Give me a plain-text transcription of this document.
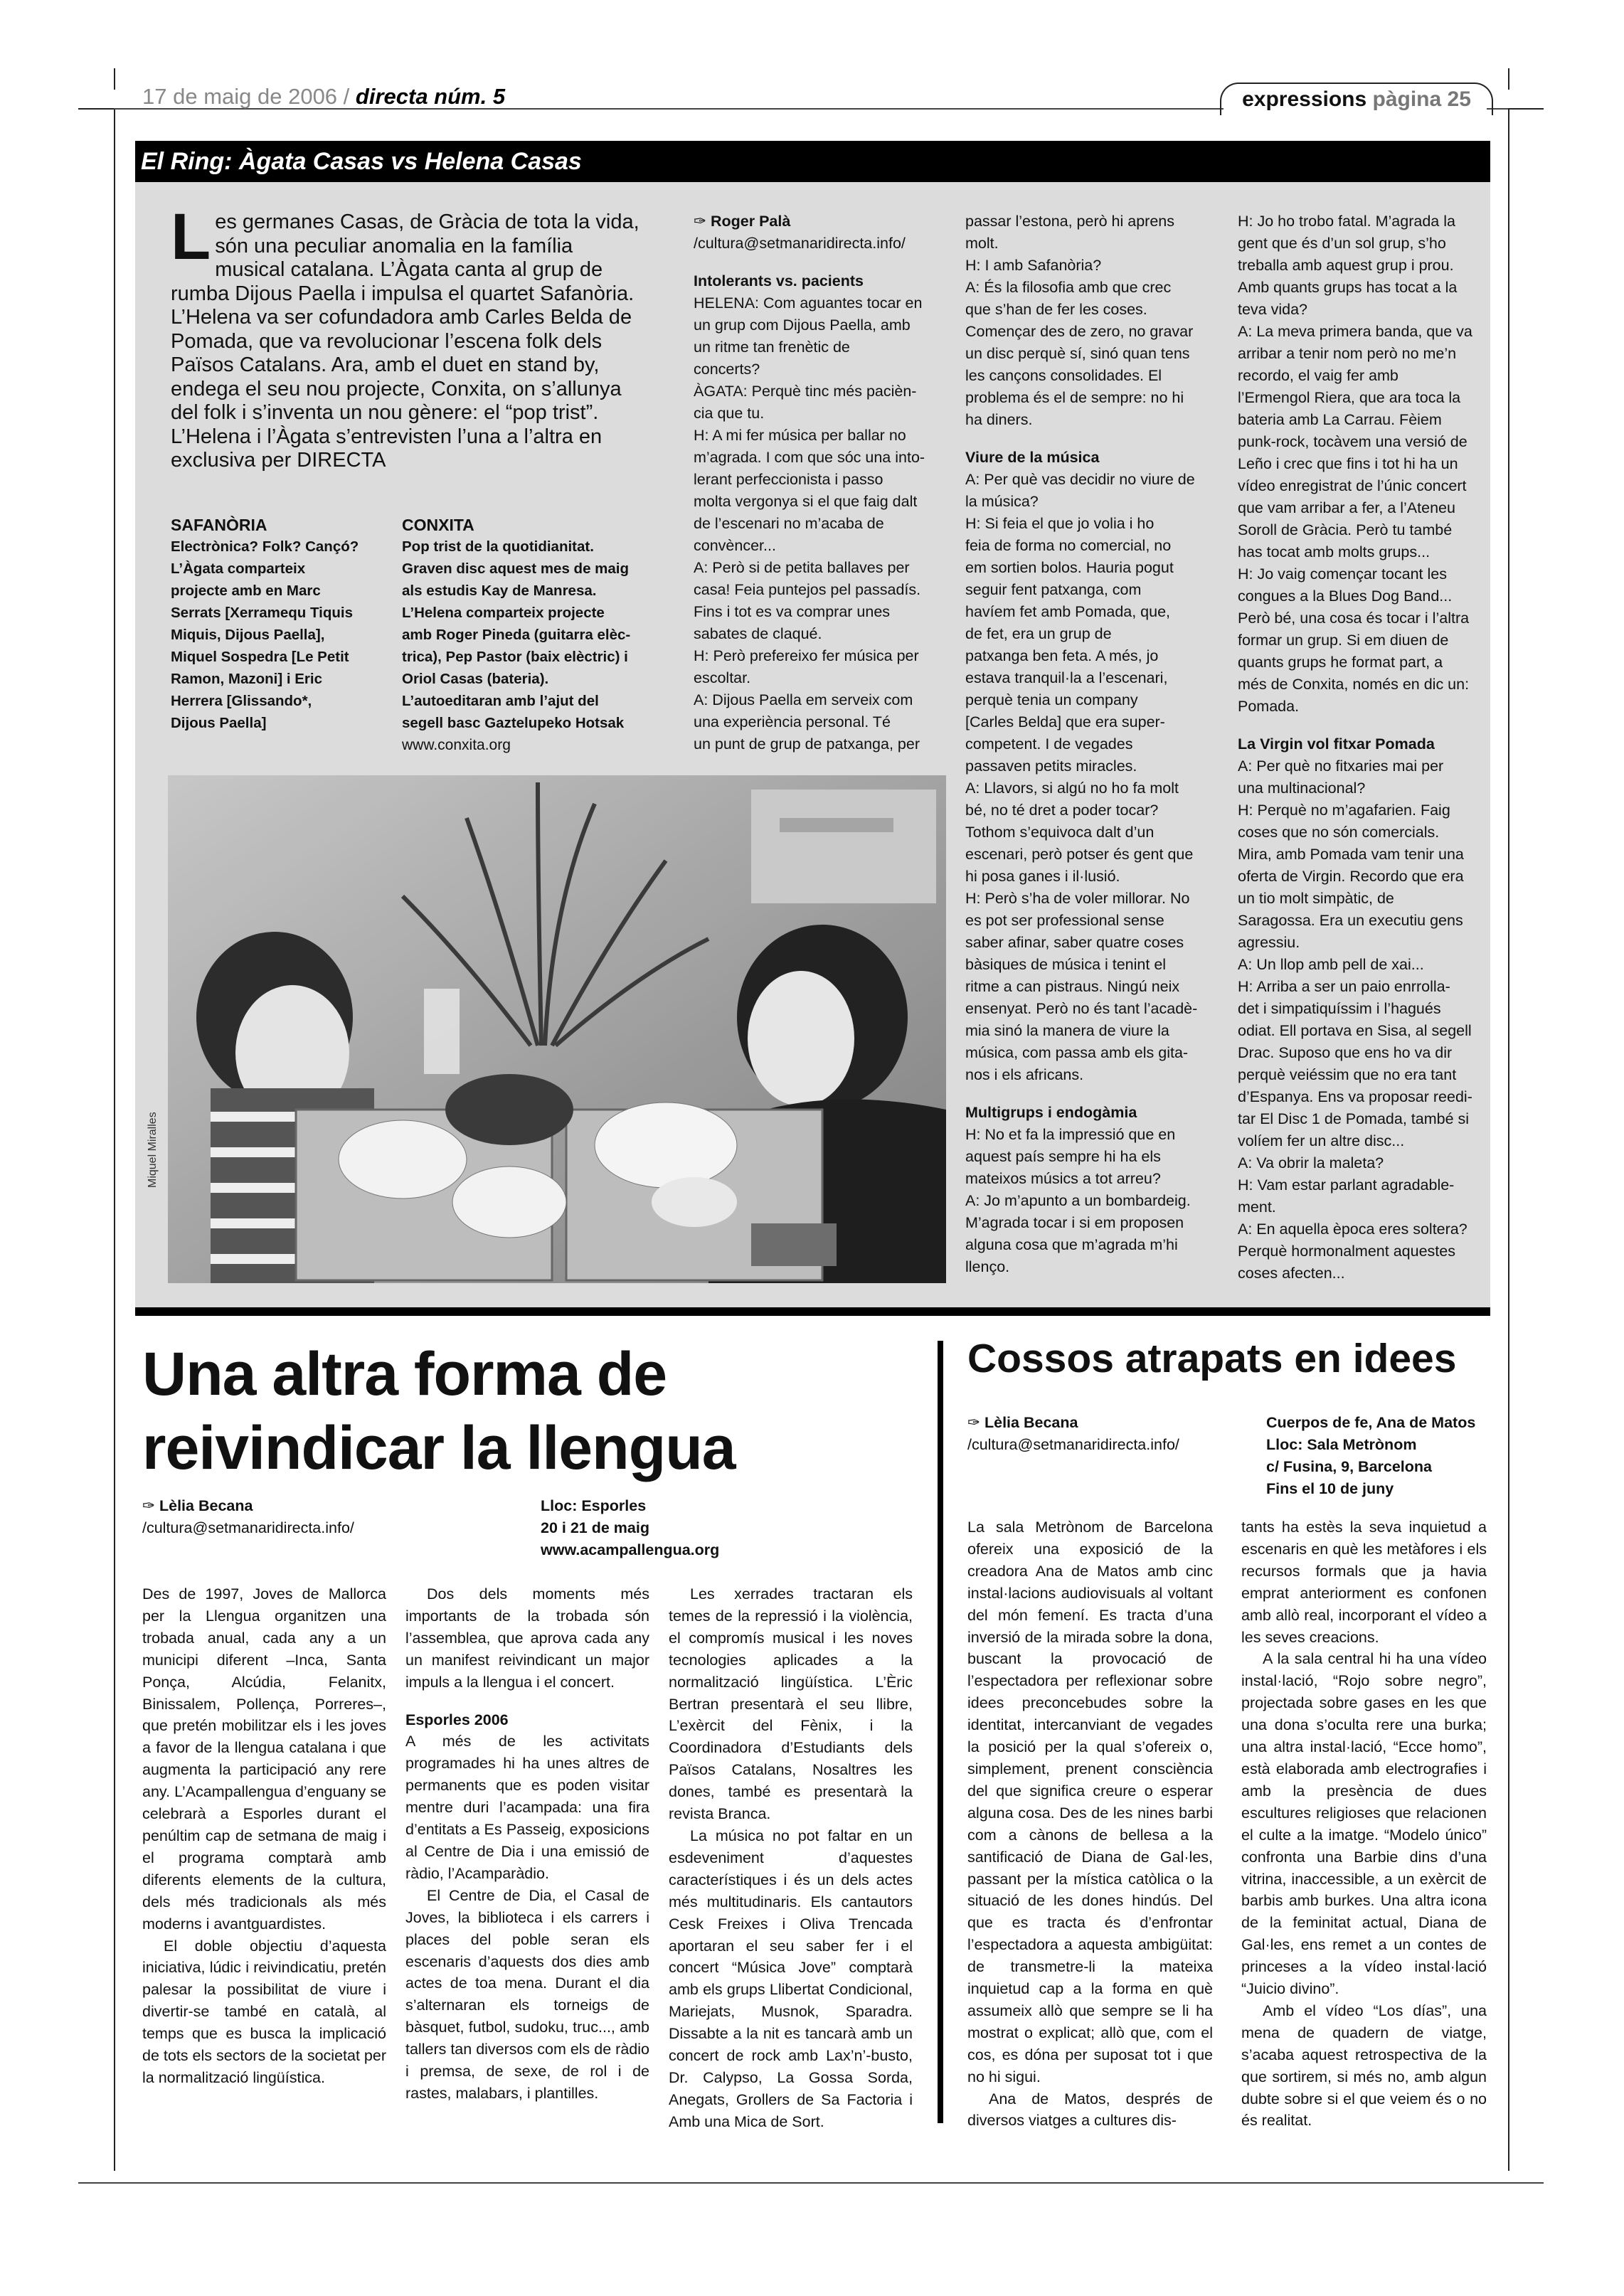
17 de maig de 2006 / directa núm. 5	expressions pàgina 25
El Ring: Àgata Casas vs Helena Casas
Les germanes Casas, de Gràcia de tota la vida, són una peculiar anomalia en la família musical catalana. L’Àgata canta al grup de rumba Dijous Paella i impulsa el quartet Safanòria. L’Helena va ser cofundadora amb Carles Belda de Pomada, que va revolucionar l’escena folk dels Països Catalans. Ara, amb el duet en stand by, endega el seu nou projecte, Conxita, on s’allunya del folk i s’inventa un nou gènere: el “pop trist”. L’Helena i l’Àgata s’entrevisten l’una a l’altra en exclusiva per DIRECTA
SAFANÒRIA
Electrònica? Folk? Cançó?
L’Àgata comparteix
projecte amb en Marc
Serrats [Xerramequ Tiquis
Miquis, Dijous Paella],
Miquel Sospedra [Le Petit
Ramon, Mazoni] i Eric
Herrera [Glissando*,
Dijous Paella]
CONXITA
Pop trist de la quotidianitat.
Graven disc aquest mes de maig
als estudis Kay de Manresa.
L’Helena comparteix projecte
amb Roger Pineda (guitarra elèc-
trica), Pep Pastor (baix elèctric) i
Oriol Casas (bateria).
L’autoeditaran amb l’ajut del
segell basc Gaztelupeko Hotsak
www.conxita.org

✑ Roger Palà

/cultura@setmanaridirecta.info/

Intolerants vs. pacients

HELENA: Com aguantes tocar en
un grup com Dijous Paella, amb
un ritme tan frenètic de
concerts?
ÀGATA: Perquè tinc més pacièn-
cia que tu.
H: A mi fer música per ballar no
m’agrada. I com que sóc una into-
lerant perfeccionista i passo
molta vergonya si el que faig dalt
de l’escenari no m’acaba de
convèncer...
A: Però si de petita ballaves per
casa! Feia puntejos pel passadís.
Fins i tot es va comprar unes
sabates de claqué.
H: Però prefereixo fer música per
escoltar.
A: Dijous Paella em serveix com
una experiència personal. Té
un punt de grup de patxanga, per
passar l’estona, però hi aprens
molt.
H: I amb Safanòria?
A: És la filosofia amb que crec
que s’han de fer les coses.
Començar des de zero, no gravar
un disc perquè sí, sinó quan tens
les cançons consolidades. El
problema és el de sempre: no hi
ha diners.

Viure de la música

A: Per què vas decidir no viure de
la música?
H: Si feia el que jo volia i ho
feia de forma no comercial, no
em sortien bolos. Hauria pogut
seguir fent patxanga, com
havíem fet amb Pomada, que,
de fet, era un grup de
patxanga ben feta. A més, jo
estava tranquil·la a l’escenari,
perquè tenia un company
[Carles Belda] que era super-
competent. I de vegades
passaven petits miracles.
A: Llavors, si algú no ho fa molt
bé, no té dret a poder tocar?
Tothom s’equivoca dalt d’un
escenari, però potser és gent que
hi posa ganes i il·lusió.
H: Però s’ha de voler millorar. No
es pot ser professional sense
saber afinar, saber quatre coses
bàsiques de música i tenint el
ritme a can pistraus. Ningú neix
ensenyat. Però no és tant l’acadè-
mia sinó la manera de viure la
música, com passa amb els gita-
nos i els africans.

Multigrups i endogàmia

H: No et fa la impressió que en
aquest país sempre hi ha els
mateixos músics a tot arreu?
A: Jo m’apunto a un bombardeig.
M’agrada tocar i si em proposen
alguna cosa que m’agrada m’hi
llenço.
H: Jo ho trobo fatal. M’agrada la
gent que és d’un sol grup, s’ho
treballa amb aquest grup i prou.
Amb quants grups has tocat a la
teva vida?
A: La meva primera banda, que va
arribar a tenir nom però no me’n
recordo, el vaig fer amb
l’Ermengol Riera, que ara toca la
bateria amb La Carrau. Fèiem
punk-rock, tocàvem una versió de
Leño i crec que fins i tot hi ha un
vídeo enregistrat de l’únic concert
que vam arribar a fer, a l’Ateneu
Soroll de Gràcia. Però tu també
has tocat amb molts grups...
H: Jo vaig començar tocant les
congues a la Blues Dog Band...
Però bé, una cosa és tocar i l’altra
formar un grup. Si em diuen de
quants grups he format part, a
més de Conxita, només en dic un:
Pomada.

La Virgin vol fitxar Pomada

A: Per què no fitxaries mai per
una multinacional?
H: Perquè no m’agafarien. Faig
coses que no són comercials.
Mira, amb Pomada vam tenir una
oferta de Virgin. Recordo que era
un tio molt simpàtic, de
Saragossa. Era un executiu gens
agressiu.
A: Un llop amb pell de xai...
H: Arriba a ser un paio enrrolla-
det i simpatiquíssim i l’hagués
odiat. Ell portava en Sisa, al segell
Drac. Suposo que ens ho va dir
perquè veiéssim que no era tant
d’Espanya. Ens va proposar reedi-
tar El Disc 1 de Pomada, també si
volíem fer un altre disc...
A: Va obrir la maleta?
H: Vam estar parlant agradable-
ment.
A: En aquella època eres soltera?
Perquè hormonalment aquestes
coses afecten...
Miquel Miralles
Una altra forma de
reivindicar la llengua
✑ Lèlia Becana
/cultura@setmanaridirecta.info/
Lloc: Esporles
20 i 21 de maig
www.acampallengua.org

Des de 1997, Joves de Mallorca per la Llengua organitzen una trobada anual, cada any a un municipi diferent –Inca, Santa Ponça, Alcúdia, Felanitx, Binissalem, Pollença, Porreres–, que pretén mobilitzar els i les joves a favor de la llengua catalana i que augmenta la participació any rere any. L’Acampallengua d’enguany se celebrarà a Esporles durant el penúltim cap de setmana de maig i el programa comptarà amb diferents elements de la cultura, dels més tradicionals als més moderns i avantguardistes.

El doble objectiu d’aquesta iniciativa, lúdic i reivindicatiu, pretén palesar la possibilitat de viure i divertir-se també en català, al temps que es busca la implicació de tots els sectors de la societat per la normalització lingüística.

Dos dels moments més importants de la trobada són l’assemblea, que aprova cada any un manifest reivindicant un major impuls a la llengua i el concert.

Esporles 2006

A més de les activitats programades hi ha unes altres de permanents que es poden visitar mentre duri l’acampada: una fira d’entitats a Es Passeig, exposicions al Centre de Dia i una emissió de ràdio, l’Acamparàdio.

El Centre de Dia, el Casal de Joves, la biblioteca i els carrers i places del poble seran els escenaris d’aquests dos dies amb actes de toa mena. Durant el dia s’alternaran els torneigs de bàsquet, futbol, sudoku, truc..., amb tallers tan diversos com els de ràdio i premsa, de sexe, de rol i de rastes, malabars, i plantilles.

Les xerrades tractaran els temes de la repressió i la violència, el compromís musical i les noves tecnologies aplicades a la normalització lingüística. L’Èric Bertran presentarà el seu llibre, L’exèrcit del Fènix, i la Coordinadora d’Estudiants dels Països Catalans, Nosaltres les dones, també es presentarà la revista Branca.

La música no pot faltar en un esdeveniment d’aquestes característiques i és un dels actes més multitudinaris. Els cantautors Cesk Freixes i Oliva Trencada aportaran el seu saber fer i el concert “Música Jove” comptarà amb els grups Llibertat Condicional, Mariejats, Musnok, Sparadra. Dissabte a la nit es tancarà amb un concert de rock amb Lax’n’-busto, Dr. Calypso, La Gossa Sorda, Anegats, Grollers de Sa Factoria i Amb una Mica de Sort.

Cossos atrapats en idees
✑ Lèlia Becana
/cultura@setmanaridirecta.info/
Cuerpos de fe, Ana de Matos
Lloc: Sala Metrònom
c/ Fusina, 9, Barcelona
Fins el 10 de juny

La sala Metrònom de Barcelona ofereix una exposició de la creadora Ana de Matos amb cinc instal·lacions audiovisuals al voltant del món femení. Es tracta d’una inversió de la mirada sobre la dona, buscant la provocació de l’espectadora per reflexionar sobre idees preconcebudes sobre la identitat, intercanviant de vegades la posició per la qual s’ofereix o, simplement, prenent consciència del que significa creure o esperar alguna cosa. Des de les nines barbi com a cànons de bellesa a la santificació de Diana de Gal·les, passant per la mística catòlica o la situació de les dones hindús. Del que es tracta és d’enfrontar l’espectadora a aquesta ambigüitat: de transmetre-li la mateixa inquietud cap a la forma en què assumeix allò que sempre se li ha mostrat o explicat; allò que, com el cos, es dóna per suposat tot i que no hi sigui.

Ana de Matos, després de diversos viatges a cultures dis-

tants ha estès la seva inquietud a escenaris en què les metàfores i els recursos formals que ja havia emprat anteriorment es confonen amb allò real, incorporant el vídeo a les seves creacions.

A la sala central hi ha una vídeo instal·lació, “Rojo sobre negro”, projectada sobre gases en les que una dona s’oculta rere una burka; una altra instal·lació, “Ecce homo”, està elaborada amb electrografies i amb la presència de dues escultures religioses que relacionen el culte a la imatge. “Modelo único” confronta una Barbie dins d’una vitrina, inaccessible, a un exèrcit de barbis amb burkes. Una altra icona de la feminitat actual, Diana de Gal·les, ens remet a un contes de princeses a la vídeo instal·lació “Juicio divino”.

Amb el vídeo “Los días”, una mena de quadern de viatge, s’acaba aquest retrospectiva de la que sortirem, si més no, amb algun dubte sobre si el que veiem és o no és realitat.
